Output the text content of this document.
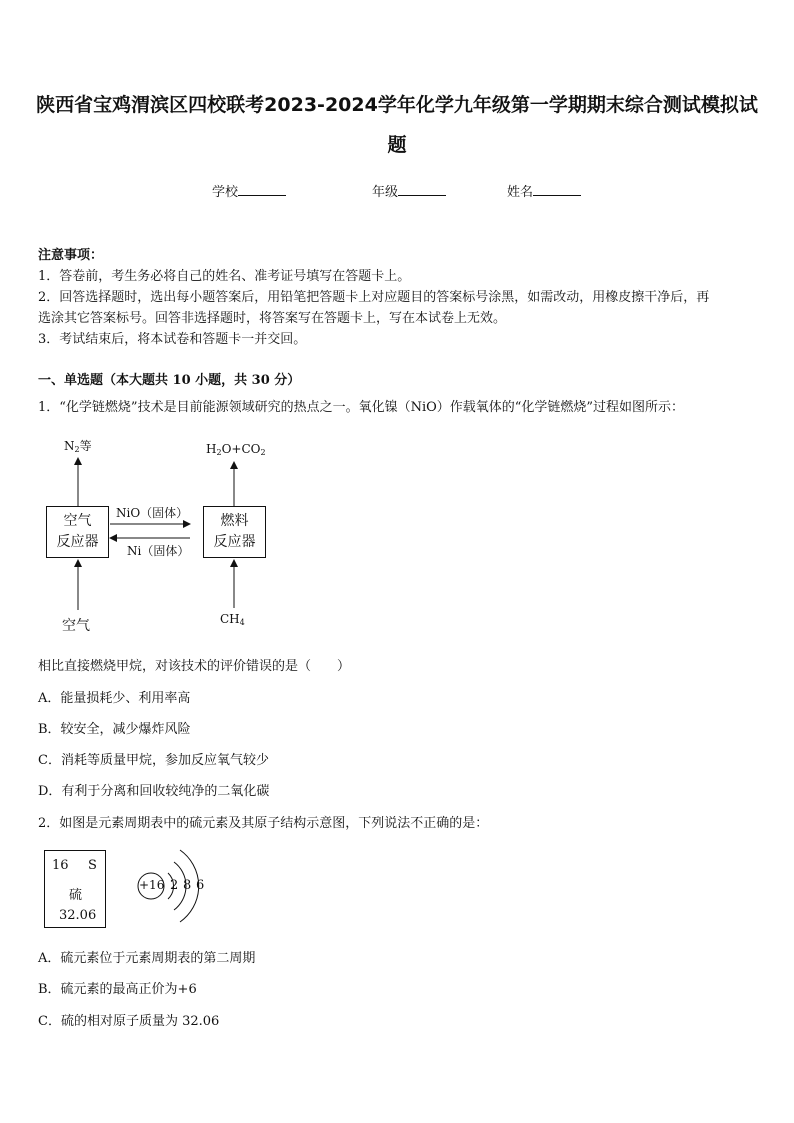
陕西省宝鸡渭滨区四校联考2023-2024学年化学九年级第一学期期末综合测试模拟试
题
学校	年级	姓名
注意事项：
1．答卷前，考生务必将自己的姓名、准考证号填写在答题卡上。
2．回答选择题时，选出每小题答案后，用铅笔把答题卡上对应题目的答案标号涂黑，如需改动，用橡皮擦干净后，再
选涂其它答案标号。回答非选择题时，将答案写在答题卡上，写在本试卷上无效。
3．考试结束后，将本试卷和答题卡一并交回。
一、单选题（本大题共 10 小题，共 30 分）
1．“化学链燃烧”技术是目前能源领域研究的热点之一。氧化镍（NiO）作载氧体的“化学链燃烧”过程如图所示：
空气
反应器
燃料
反应器
$N_2$等	$H_2O+CO_2$
NiO（固体）
Ni（固体）
空气	$CH_4$
相比直接燃烧甲烷，对该技术的评价错误的是（　　）
A．能量损耗少、利用率高
B．较安全，减少爆炸风险
C．消耗等质量甲烷，参加反应氧气较少
D．有利于分离和回收较纯净的二氧化碳
2．如图是元素周期表中的硫元素及其原子结构示意图，下列说法不正确的是：
16 S
硫
32.06
+16 2 8 6
A．硫元素位于元素周期表的第二周期
B．硫元素的最高正价为+6
C．硫的相对原子质量为 32.06
